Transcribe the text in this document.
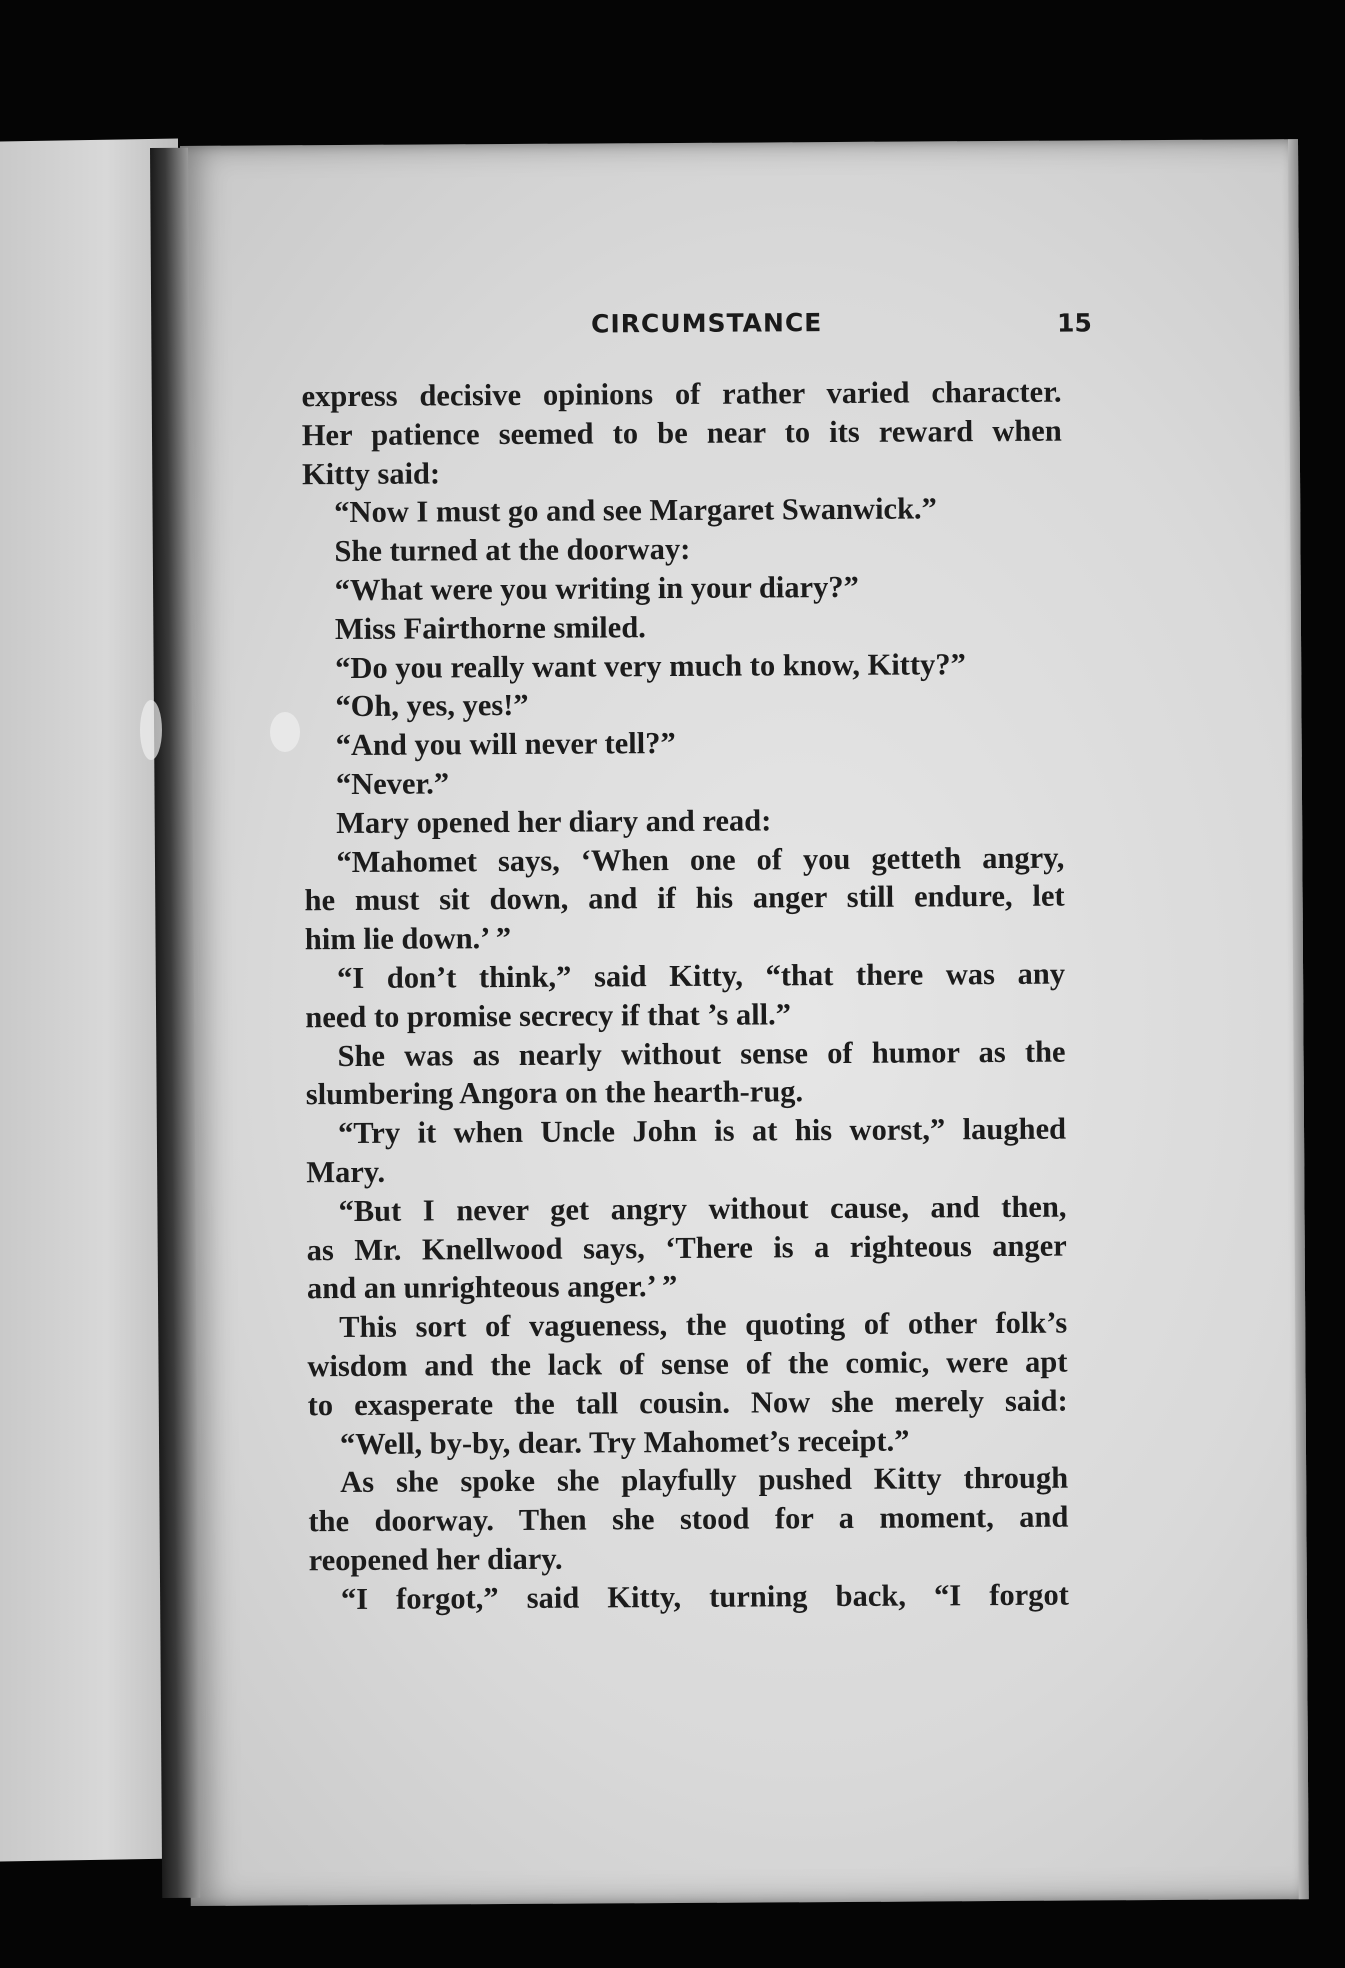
CIRCUMSTANCE	15
express decisive opinions of rather varied character.
Her patience seemed to be near to its reward when
Kitty said:
“Now I must go and see Margaret Swanwick.”
She turned at the doorway:
“What were you writing in your diary?”
Miss Fairthorne smiled.
“Do you really want very much to know, Kitty?”
“Oh, yes, yes!”
“And you will never tell?”
“Never.”
Mary opened her diary and read:
“Mahomet says, ‘When one of you getteth angry,
he must sit down, and if his anger still endure, let
him lie down.’ ”
“I don’t think,” said Kitty, “that there was any
need to promise secrecy if that ’s all.”
She was as nearly without sense of humor as the
slumbering Angora on the hearth-rug.
“Try it when Uncle John is at his worst,” laughed
Mary.
“But I never get angry without cause, and then,
as Mr. Knellwood says, ‘There is a righteous anger
and an unrighteous anger.’ ”
This sort of vagueness, the quoting of other folk’s
wisdom and the lack of sense of the comic, were apt
to exasperate the tall cousin. Now she merely said:
“Well, by-by, dear. Try Mahomet’s receipt.”
As she spoke she playfully pushed Kitty through
the doorway. Then she stood for a moment, and
reopened her diary.
“I forgot,” said Kitty, turning back, “I forgot
